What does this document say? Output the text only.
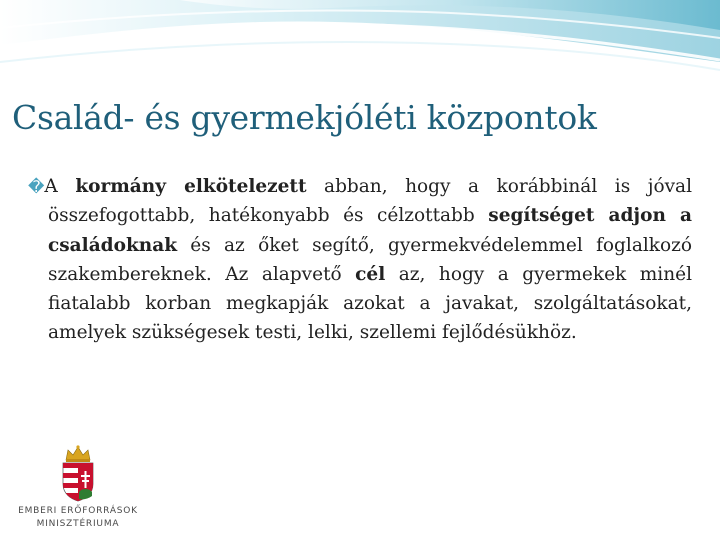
Család- és gyermekjóléti központok

�A kormány elkötelezett abban, hogy a korábbinál is jóval összefogottabb, hatékonyabb és célzottabb segítséget adjon a családoknak és az őket segítő, gyermekvédelemmel foglalkozó szakembereknek. Az alapvető cél az, hogy a gyermekek minél fiatalabb korban megkapják azokat a javakat, szolgáltatásokat, amelyek szükségesek testi, lelki, szellemi fejlődésükhöz.

EMBERI ERŐFORRÁSOK
MINISZTÉRIUMA
